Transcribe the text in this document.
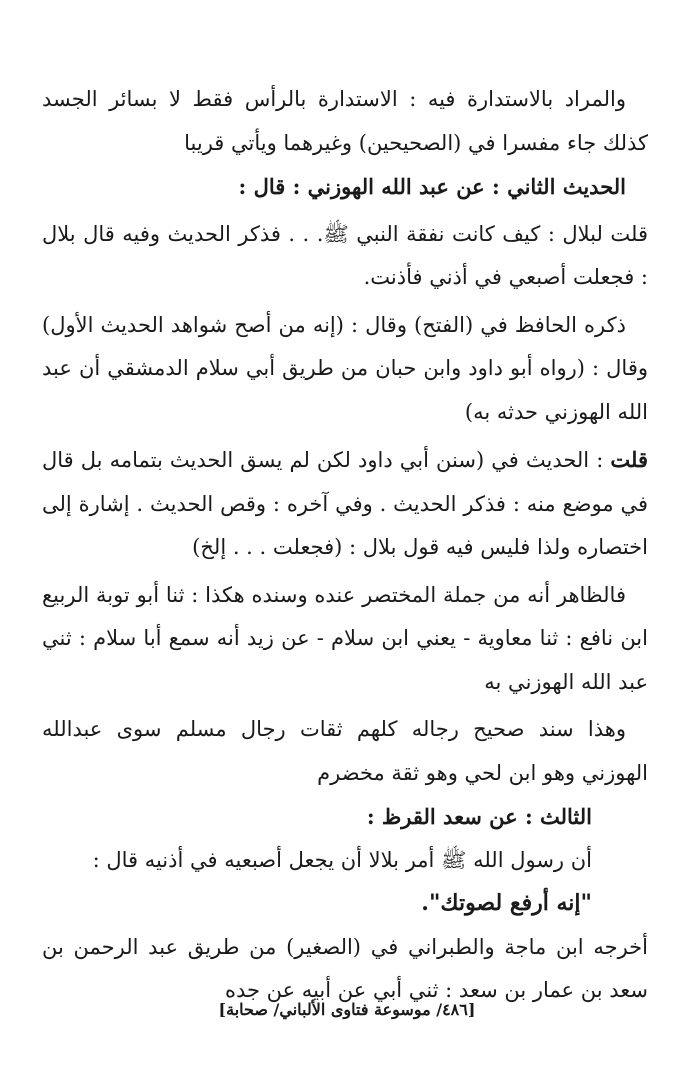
والمراد بالاستدارة فيه : الاستدارة بالرأس فقط لا بسائر الجسد كذلك جاء مفسرا في (الصحيحين) وغيرهما ويأتي قريبا

الحديث الثاني : عن عبد الله الهوزني : قال :

قلت لبلال : كيف كانت نفقة النبي ﷺ. . . فذكر الحديث وفيه قال بلال : فجعلت أصبعي في أذني فأذنت.

ذكره الحافظ في (الفتح) وقال : (إنه من أصح شواهد الحديث الأول) وقال : (رواه أبو داود وابن حبان من طريق أبي سلام الدمشقي أن عبد الله الهوزني حدثه به)

قلت : الحديث في (سنن أبي داود لكن لم يسق الحديث بتمامه بل قال في موضع منه : فذكر الحديث . وفي آخره : وقص الحديث . إشارة إلى اختصاره ولذا فليس فيه قول بلال : (فجعلت . . . إلخ)

فالظاهر أنه من جملة المختصر عنده وسنده هكذا : ثنا أبو توبة الربيع ابن نافع : ثنا معاوية - يعني ابن سلام - عن زيد أنه سمع أبا سلام : ثني عبد الله الهوزني به

وهذا سند صحيح رجاله كلهم ثقات رجال مسلم سوى عبدالله الهوزني وهو ابن لحي وهو ثقة مخضرم

الثالث : عن سعد القرظ :

أن رسول الله ﷺ أمر بلالا أن يجعل أصبعيه في أذنيه قال :

"إنه أرفع لصوتك".

أخرجه ابن ماجة والطبراني في (الصغير) من طريق عبد الرحمن بن سعد بن عمار بن سعد : ثني أبي عن أبيه عن جده

[٤٨٦/ موسوعة فتاوى الألباني/ صحابة]
